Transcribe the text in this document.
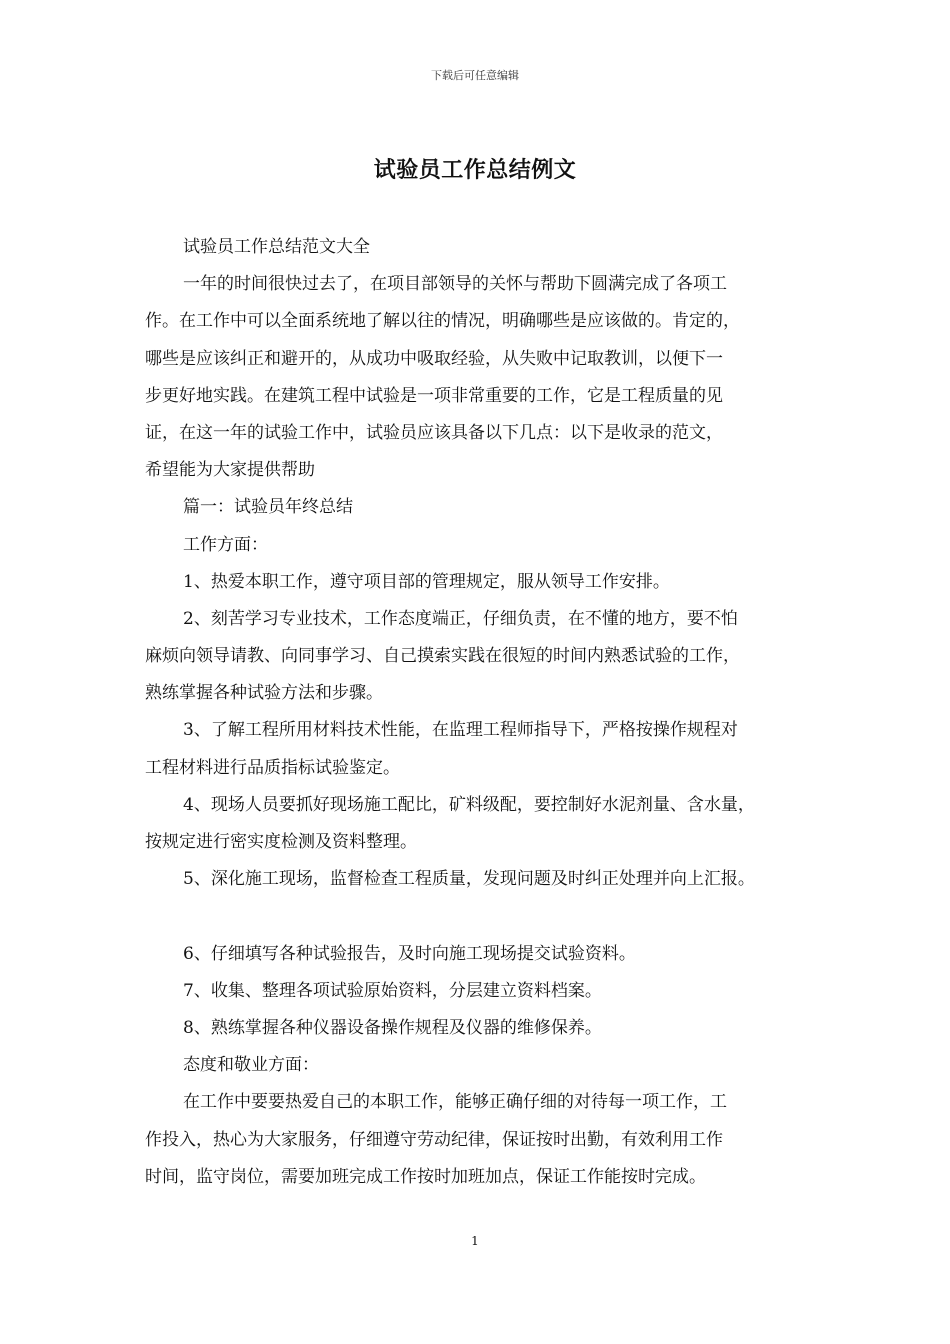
下载后可任意编辑
试验员工作总结例文
试验员工作总结范文大全
一年的时间很快过去了，在项目部领导的关怀与帮助下圆满完成了各项工
作。在工作中可以全面系统地了解以往的情况，明确哪些是应该做的。肯定的，
哪些是应该纠正和避开的，从成功中吸取经验，从失败中记取教训，以便下一
步更好地实践。在建筑工程中试验是一项非常重要的工作，它是工程质量的见
证，在这一年的试验工作中，试验员应该具备以下几点：以下是收录的范文，
希望能为大家提供帮助
篇一：试验员年终总结
工作方面：
1、热爱本职工作，遵守项目部的管理规定，服从领导工作安排。
2、刻苦学习专业技术，工作态度端正，仔细负责，在不懂的地方，要不怕
麻烦向领导请教、向同事学习、自己摸索实践在很短的时间内熟悉试验的工作，
熟练掌握各种试验方法和步骤。
3、了解工程所用材料技术性能，在监理工程师指导下，严格按操作规程对
工程材料进行品质指标试验鉴定。
4、现场人员要抓好现场施工配比，矿料级配，要控制好水泥剂量、含水量，
按规定进行密实度检测及资料整理。
5、深化施工现场，监督检查工程质量，发现问题及时纠正处理并向上汇报。
6、仔细填写各种试验报告，及时向施工现场提交试验资料。
7、收集、整理各项试验原始资料，分层建立资料档案。
8、熟练掌握各种仪器设备操作规程及仪器的维修保养。
态度和敬业方面：
在工作中要要热爱自己的本职工作，能够正确仔细的对待每一项工作，工
作投入，热心为大家服务，仔细遵守劳动纪律，保证按时出勤，有效利用工作
时间，监守岗位，需要加班完成工作按时加班加点，保证工作能按时完成。
1
